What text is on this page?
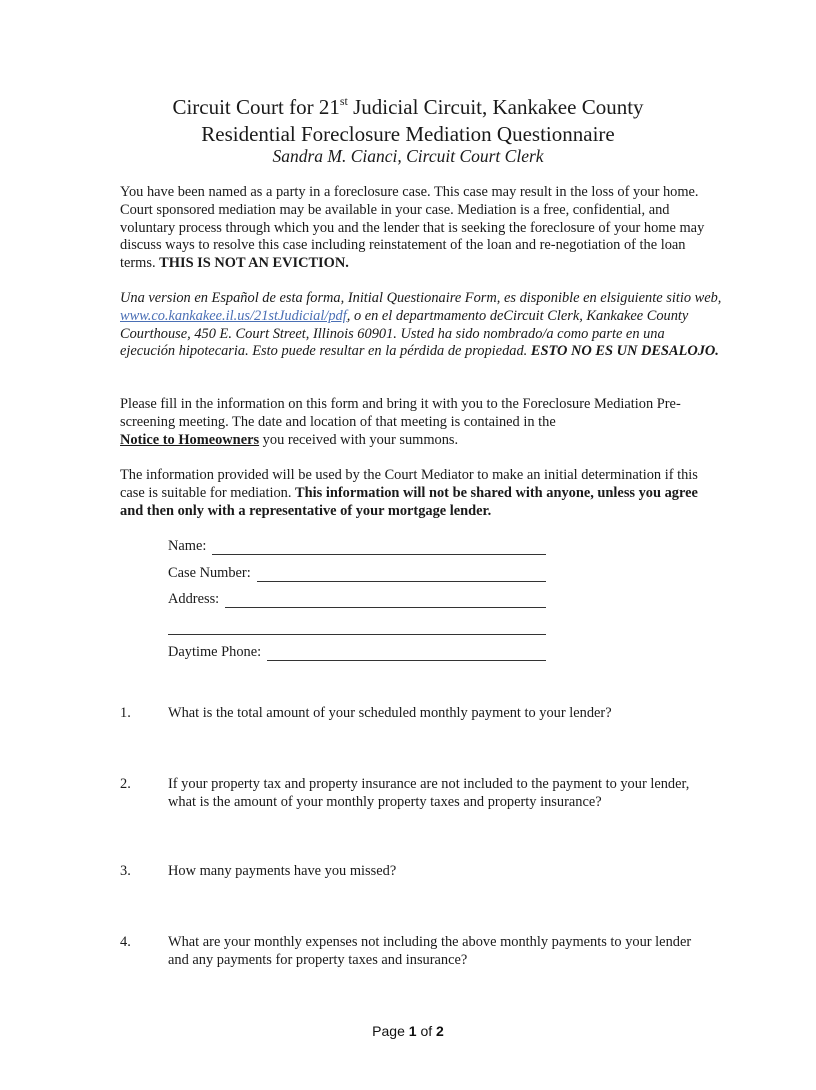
Circuit Court for 21st Judicial Circuit, Kankakee County
Residential Foreclosure Mediation Questionnaire
Sandra M. Cianci, Circuit Court Clerk

You have been named as a party in a foreclosure case. This case may result in the loss of your home. Court sponsored mediation may be available in your case. Mediation is a free, confidential, and voluntary process through which you and the lender that is seeking the foreclosure of your home may discuss ways to resolve this case including reinstatement of the loan and re-negotiation of the loan terms. THIS IS NOT AN EVICTION.

Una version en Español de esta forma, Initial Questionaire Form, es disponible en elsiguiente sitio web, www.co.kankakee.il.us/21stJudicial/pdf, o en el departmamento deCircuit Clerk, Kankakee County Courthouse, 450 E. Court Street, Illinois 60901. Usted ha sido nombrado/a como parte en una ejecución hipotecaria. Esto puede resultar en la pérdida de propiedad. ESTO NO ES UN DESALOJO.

Please fill in the information on this form and bring it with you to the Foreclosure Mediation Pre-screening meeting. The date and location of that meeting is contained in the
Notice to Homeowners you received with your summons.

The information provided will be used by the Court Mediator to make an initial determination if this case is suitable for mediation. This information will not be shared with anyone, unless you agree and then only with a representative of your mortgage lender.

Name:
Case Number:
Address:
Daytime Phone:
1.	What is the total amount of your scheduled monthly payment to your lender?
2.	If your property tax and property insurance are not included to the payment to your lender, what is the amount of your monthly property taxes and property insurance?
3.	How many payments have you missed?
4.	What are your monthly expenses not including the above monthly payments to your lender and any payments for property taxes and insurance?
Page 1 of 2
